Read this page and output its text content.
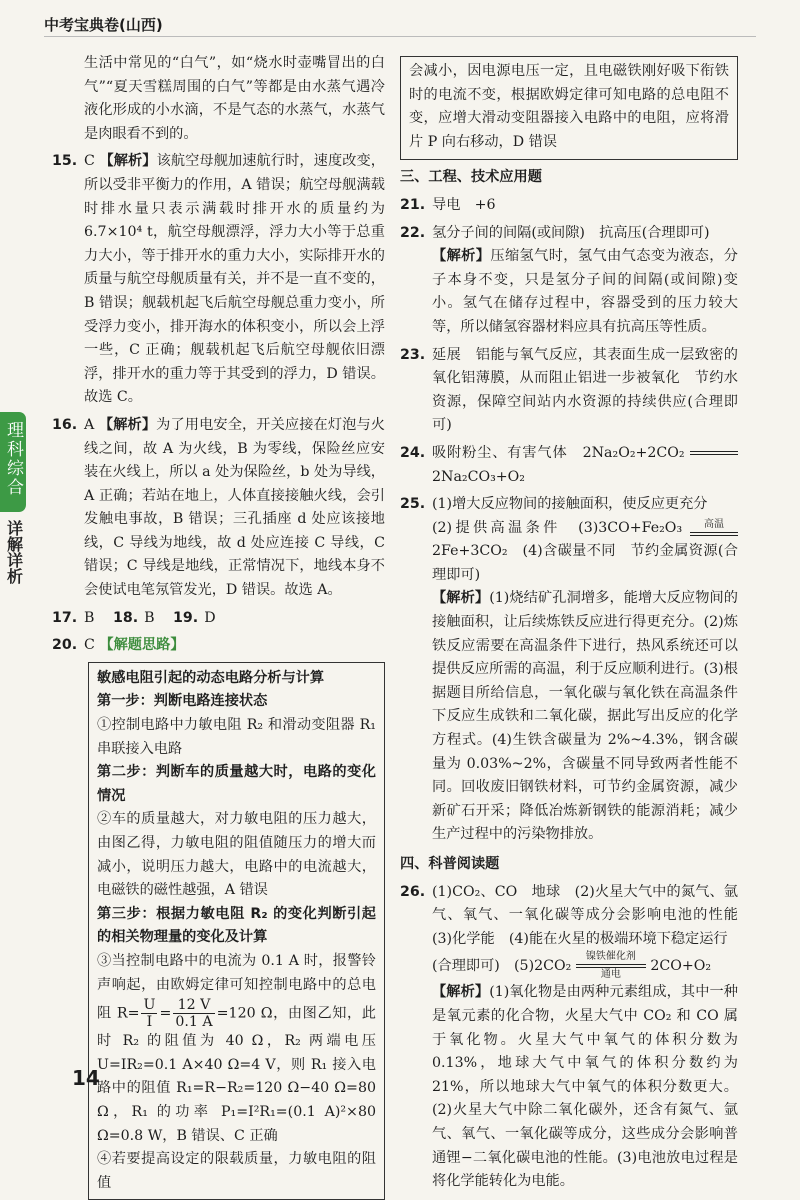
中考宝典卷(山西)
理科综合
详解详析

生活中常见的“白气”，如“烧水时壶嘴冒出的白气”“夏天雪糕周围的白气”等都是由水蒸气遇冷液化形成的小水滴，不是气态的水蒸气，水蒸气是肉眼看不到的。

15. C 【解析】该航空母舰加速航行时，速度改变，所以受非平衡力的作用，A 错误；航空母舰满载时排水量只表示满载时排开水的质量约为 6.7×10⁴ t，航空母舰漂浮，浮力大小等于总重力大小，等于排开水的重力大小，实际排开水的质量与航空母舰质量有关，并不是一直不变的，B 错误；舰载机起飞后航空母舰总重力变小，所受浮力变小，排开海水的体积变小，所以会上浮一些，C 正确；舰载机起飞后航空母舰依旧漂浮，排开水的重力等于其受到的浮力，D 错误。故选 C。
16. A 【解析】为了用电安全，开关应接在灯泡与火线之间，故 A 为火线，B 为零线，保险丝应安装在火线上，所以 a 处为保险丝，b 处为导线，A 正确；若站在地上，人体直接接触火线，会引发触电事故，B 错误；三孔插座 d 处应该接地线，C 导线为地线，故 d 处应连接 C 导线，C 错误；C 导线是地线，正常情况下，地线本身不会使试电笔氖管发光，D 错误。故选 A。
17. B 18. B 19. D
20. C 【解题思路】
敏感电阻引起的动态电路分析与计算
第一步：判断电路连接状态
①控制电路中力敏电阻 R₂ 和滑动变阻器 R₁ 串联接入电路
第二步：判断车的质量越大时，电路的变化情况
②车的质量越大，对力敏电阻的压力越大，由图乙得，力敏电阻的阻值随压力的增大而减小，说明压力越大，电路中的电流越大，电磁铁的磁性越强，A 错误
第三步：根据力敏电阻 R₂ 的变化判断引起的相关物理量的变化及计算
③当控制电路中的电流为 0.1 A 时，报警铃声响起，由欧姆定律可知控制电路中的总电阻 $R= \frac{U}{I} = \frac{12 V}{0.1 A} =120$ Ω，由图乙知，此时 R₂ 的阻值为 40 Ω，R₂ 两端电压 U=IR₂=0.1 A×40 Ω=4 V，则 R₁ 接入电路中的阻值 R₁=R−R₂=120 Ω−40 Ω=80 Ω，R₁ 的功率 P₁=I²R₁=(0.1 A)²×80 Ω=0.8 W，B 错误、C 正确
④若要提高设定的限载质量，力敏电阻的阻值
会减小，因电源电压一定，且电磁铁刚好吸下衔铁时的电流不变，根据欧姆定律可知电路的总电阻不变，应增大滑动变阻器接入电路中的电阻，应将滑片 P 向右移动，D 错误
三、工程、技术应用题
21. 导电　+6
22. 氢分子间的间隔(或间隙)　抗高压(合理即可)
【解析】压缩氢气时，氢气由气态变为液态，分子本身不变，只是氢分子间的间隔(或间隙)变小。氢气在储存过程中，容器受到的压力较大等，所以储氢容器材料应具有抗高压等性质。
23. 延展　铝能与氧气反应，其表面生成一层致密的氧化铝薄膜，从而阻止铝进一步被氧化　节约水资源，保障空间站内水资源的持续供应(合理即可)
24. 吸附粉尘、有害气体　2Na₂O₂+2CO₂
2Na₂CO₃+O₂
25. (1)增大反应物间的接触面积，使反应更充分
(2)提供高温条件　(3)3CO+Fe₂O₃ 高温
2Fe+3CO₂　(4)含碳量不同　节约金属资源(合理即可)
【解析】(1)烧结矿孔洞增多，能增大反应物间的接触面积，让后续炼铁反应进行得更充分。(2)炼铁反应需要在高温条件下进行，热风系统还可以提供反应所需的高温，利于反应顺利进行。(3)根据题目所给信息，一氧化碳与氧化铁在高温条件下反应生成铁和二氧化碳，据此写出反应的化学方程式。(4)生铁含碳量为 2%~4.3%，钢含碳量为 0.03%~2%，含碳量不同导致两者性能不同。回收废旧钢铁材料，可节约金属资源，减少新矿石开采；降低冶炼新钢铁的能源消耗；减少生产过程中的污染物排放。
四、科普阅读题
26. (1)CO₂、CO　地球　(2)火星大气中的氮气、氩气、氧气、一氧化碳等成分会影响电池的性能　(3)化学能　(4)能在火星的极端环境下稳定运行
(合理即可)　(5)2CO₂ 镍铁催化剂
通电 2CO+O₂
【解析】(1)氧化物是由两种元素组成，其中一种是氧元素的化合物，火星大气中 CO₂ 和 CO 属于氧化物。火星大气中氧气的体积分数为 0.13%，地球大气中氧气的体积分数约为 21%，所以地球大气中氧气的体积分数更大。(2)火星大气中除二氧化碳外，还含有氮气、氩气、氧气、一氧化碳等成分，这些成分会影响普通锂−二氧化碳电池的性能。(3)电池放电过程是将化学能转化为电能。
14
